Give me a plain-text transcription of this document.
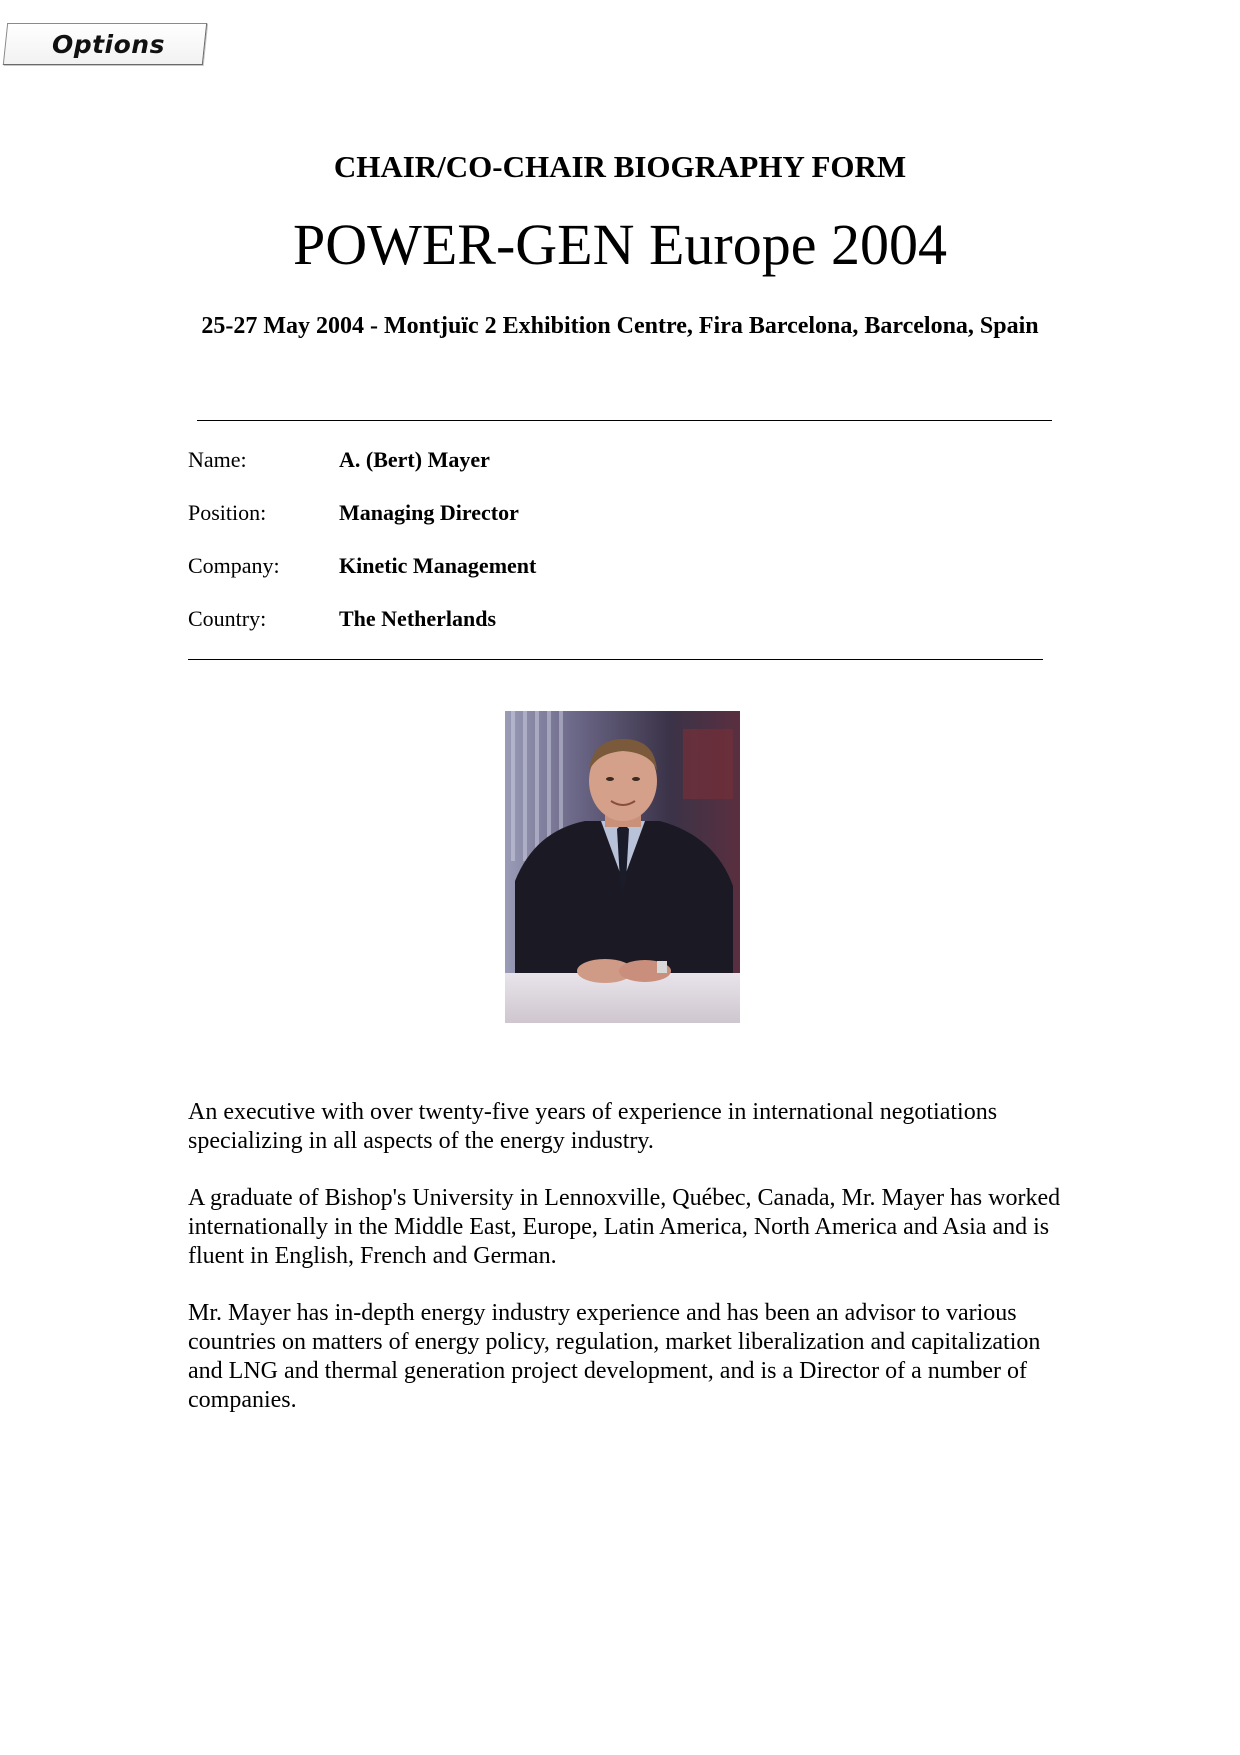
Options
CHAIR/CO-CHAIR BIOGRAPHY FORM
POWER-GEN Europe 2004
25-27 May 2004 - Montjuïc 2 Exhibition Centre, Fira Barcelona, Barcelona, Spain
Name:	A. (Bert) Mayer
Position:	Managing Director
Company:	Kinetic Management
Country:	The Netherlands

An executive with over twenty-five years of experience in international negotiations specializing in all aspects of the energy industry.

A graduate of Bishop's University in Lennoxville, Québec, Canada, Mr. Mayer has worked internationally in the Middle East, Europe, Latin America, North America and Asia and is fluent in English, French and German.

Mr. Mayer has in-depth energy industry experience and has been an advisor to various countries on matters of energy policy, regulation, market liberalization and capitalization and LNG and thermal generation project development, and is a Director of a number of companies.
